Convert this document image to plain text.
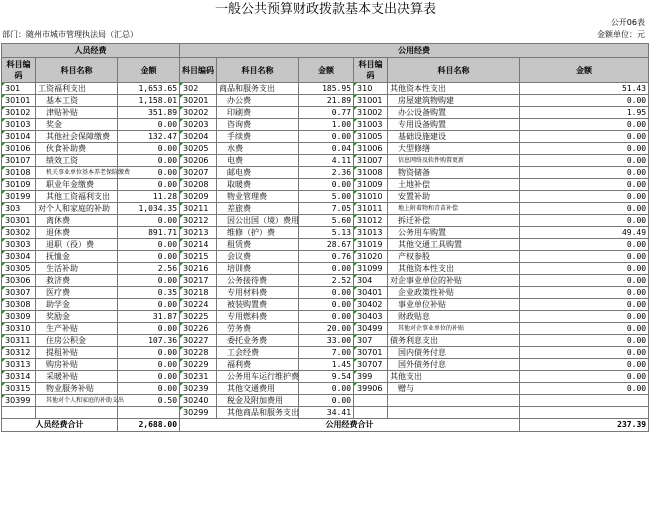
一般公共预算财政拨款基本支出决算表
公开06表
部门：随州市城市管理执法局（汇总）	金额单位：元
人员经费			公用经费					
科目编码	科目名称	金额	科目编码	科目名称	金额	科目编码	科目名称	金额
301	工资福利支出	1,653.65	302	商品和服务支出	185.95	310	其他资本性支出	51.43
30101	基本工资	1,158.01	30201	办公费	21.89	31001	房屋建筑物购建	0.00
30102	津贴补贴	351.89	30202	印刷费	0.77	31002	办公设备购置	1.95
30103	奖金	0.00	30203	咨询费	1.00	31003	专用设备购置	0.00
30104	其他社会保障缴费	132.47	30204	手续费	0.00	31005	基础设施建设	0.00
30106	伙食补助费	0.00	30205	水费	0.04	31006	大型修缮	0.00
30107	绩效工资	0.00	30206	电费	4.11	31007	信息网络及软件购置更新	0.00
30108	机关事业单位基本养老保险缴费	0.00	30207	邮电费	2.36	31008	物资储备	0.00
30109	职业年金缴费	0.00	30208	取暖费	0.00	31009	土地补偿	0.00
30199	其他工资福利支出	11.28	30209	物业管理费	5.00	31010	安置补助	0.00
303	对个人和家庭的补助	1,034.35	30211	差旅费	7.05	31011	地上附着物和青苗补偿	0.00
30301	离休费	0.00	30212	因公出国（境）费用	5.60	31012	拆迁补偿	0.00
30302	退休费	891.71	30213	维修（护）费	5.13	31013	公务用车购置	49.49
30303	退职（役）费	0.00	30214	租赁费	28.67	31019	其他交通工具购置	0.00
30304	抚恤金	0.00	30215	会议费	0.76	31020	产权参股	0.00
30305	生活补助	2.56	30216	培训费	0.00	31099	其他资本性支出	0.00
30306	救济费	0.00	30217	公务接待费	2.52	304	对企事业单位的补贴	0.00
30307	医疗费	0.35	30218	专用材料费	0.00	30401	企业政策性补贴	0.00
30308	助学金	0.00	30224	被装购置费	0.00	30402	事业单位补贴	0.00
30309	奖励金	31.87	30225	专用燃料费	0.00	30403	财政贴息	0.00
30310	生产补贴	0.00	30226	劳务费	20.00	30499	其他对企事业单位的补贴	0.00
30311	住房公积金	107.36	30227	委托业务费	33.00	307	债务利息支出	0.00
30312	提租补贴	0.00	30228	工会经费	7.00	30701	国内债务付息	0.00
30313	购房补贴	0.00	30229	福利费	1.45	30707	国外债务付息	0.00
30314	采暖补贴	0.00	30231	公务用车运行维护费	9.54	399	其他支出	0.00
30315	物业服务补贴	0.00	30239	其他交通费用	0.00	39906	赠与	0.00
30399	其他对个人和家庭的补助支出	0.50	30240	税金及附加费用	0.00			
			30299	其他商品和服务支出	34.41			
人员经费合计		2,688.00	公用经费合计					237.39
